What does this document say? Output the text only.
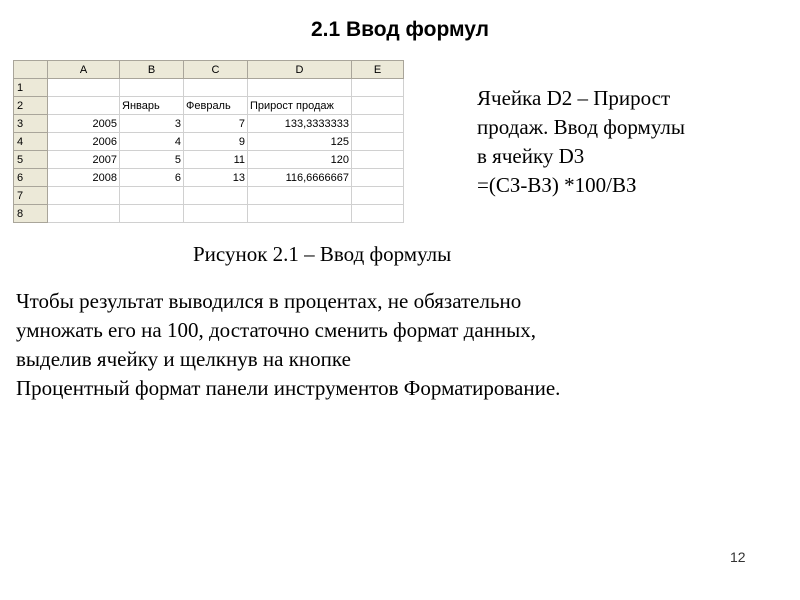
2.1 Ввод формул
	A	B	C	D	E
1					
2		Январь	Февраль	Прирост продаж	
3	2005	3	7	133,3333333	
4	2006	4	9	125	
5	2007	5	11	120	
6	2008	6	13	116,6666667	
7					
8					
Ячейка D2 – Прирост
продаж. Ввод формулы
в ячейку D3
=(СЗ-ВЗ) *100/ВЗ
Рисунок 2.1 – Ввод формулы
Чтобы результат выводился в процентах, не обязательно
умножать его на 100, достаточно сменить формат данных,
выделив ячейку и щелкнув на кнопке
Процентный формат панели инструментов Форматирование.
12
